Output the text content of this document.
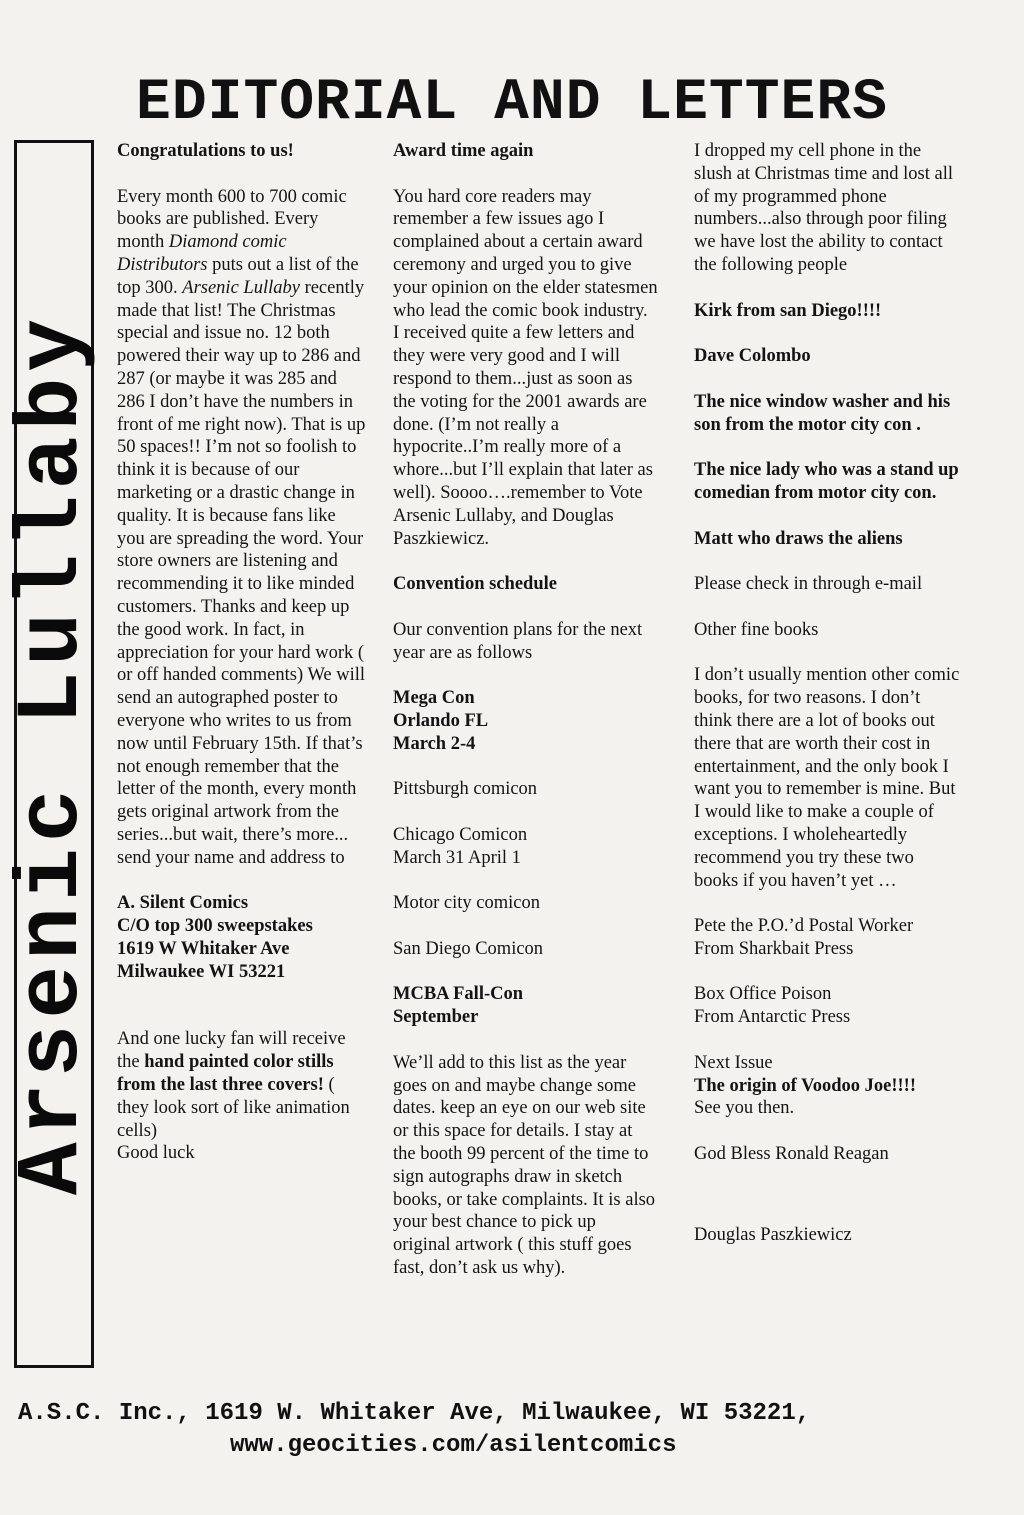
EDITORIAL AND LETTERS
Arsenic Lullaby

Congratulations to us!

Every month 600 to 700 comic books are published. Every month Diamond comic Distributors puts out a list of the top 300. Arsenic Lullaby recently made that list! The Christmas special and issue no. 12 both powered their way up to 286 and 287 (or maybe it was 285 and 286 I don’t have the numbers in front of me right now). That is up 50 spaces!! I’m not so foolish to think it is because of our marketing or a drastic change in quality. It is because fans like you are spreading the word. Your store owners are listening and recommending it to like minded customers. Thanks and keep up the good work. In fact, in appreciation for your hard work ( or off handed comments) We will send an autographed poster to everyone who writes to us from now until February 15th. If that’s not enough remember that the letter of the month, every month gets original artwork from the series...but wait, there’s more... send your name and address to

A. Silent Comics
C/O top 300 sweepstakes
1619 W Whitaker Ave
Milwaukee WI 53221

And one lucky fan will receive the hand painted color stills from the last three covers! ( they look sort of like animation cells)
Good luck

Award time again

You hard core readers may remember a few issues ago I complained about a certain award ceremony and urged you to give your opinion on the elder statesmen who lead the comic book industry. I received quite a few letters and they were very good and I will respond to them...just as soon as the voting for the 2001 awards are done. (I’m not really a hypocrite..I’m really more of a whore...but I’ll explain that later as well). Soooo….remember to Vote Arsenic Lullaby, and Douglas Paszkiewicz.

Convention schedule

Our convention plans for the next year are as follows

Mega Con
Orlando FL
March 2-4

Pittsburgh comicon

Chicago Comicon
March 31 April 1

Motor city comicon

San Diego Comicon

MCBA Fall-Con
September

We’ll add to this list as the year goes on and maybe change some dates. keep an eye on our web site or this space for details. I stay at the booth 99 percent of the time to sign autographs draw in sketch books, or take complaints. It is also your best chance to pick up original artwork ( this stuff goes fast, don’t ask us why).

I dropped my cell phone in the slush at Christmas time and lost all of my programmed phone numbers...also through poor filing we have lost the ability to contact the following people

Kirk from san Diego!!!!

Dave Colombo

The nice window washer and his son from the motor city con .

The nice lady who was a stand up comedian from motor city con.

Matt who draws the aliens

Please check in through e-mail

Other fine books

I don’t usually mention other comic books, for two reasons. I don’t think there are a lot of books out there that are worth their cost in entertainment, and the only book I want you to remember is mine. But I would like to make a couple of exceptions. I wholeheartedly recommend you try these two books if you haven’t yet …

Pete the P.O.’d Postal Worker
From Sharkbait Press

Box Office Poison
From Antarctic Press

Next Issue
The origin of Voodoo Joe!!!!
See you then.

God Bless Ronald Reagan

Douglas Paszkiewicz

A.S.C. Inc., 1619 W. Whitaker Ave, Milwaukee, WI 53221,
www.geocities.com/asilentcomics
